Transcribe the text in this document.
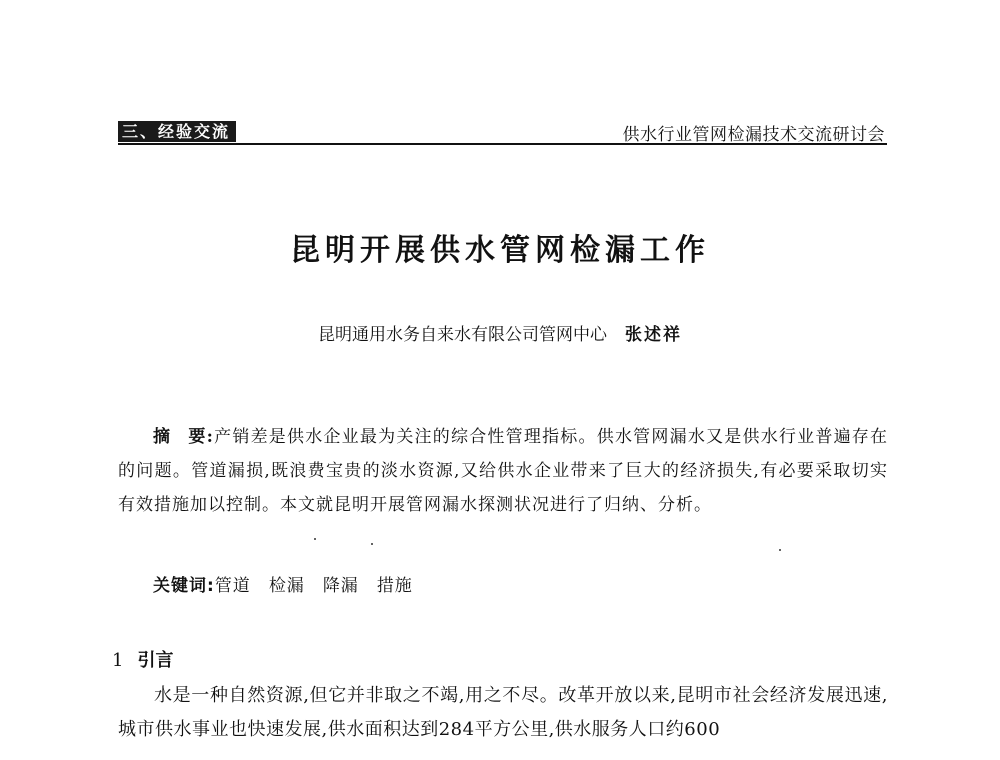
三、经验交流	供水行业管网检漏技术交流研讨会
昆明开展供水管网检漏工作
昆明通用水务自来水有限公司管网中心 张述祥
摘 要:产销差是供水企业最为关注的综合性管理指标。供水管网漏水又是供水行业普遍存在的问题。管道漏损,既浪费宝贵的淡水资源,又给供水企业带来了巨大的经济损失,有必要采取切实有效措施加以控制。本文就昆明开展管网漏水探测状况进行了归纳、分析。
关键词:管道 检漏 降漏 措施
1 引言
水是一种自然资源,但它并非取之不竭,用之不尽。改革开放以来,昆明市社会经济发展迅速,城市供水事业也快速发展,供水面积达到284平方公里,供水服务人口约600
